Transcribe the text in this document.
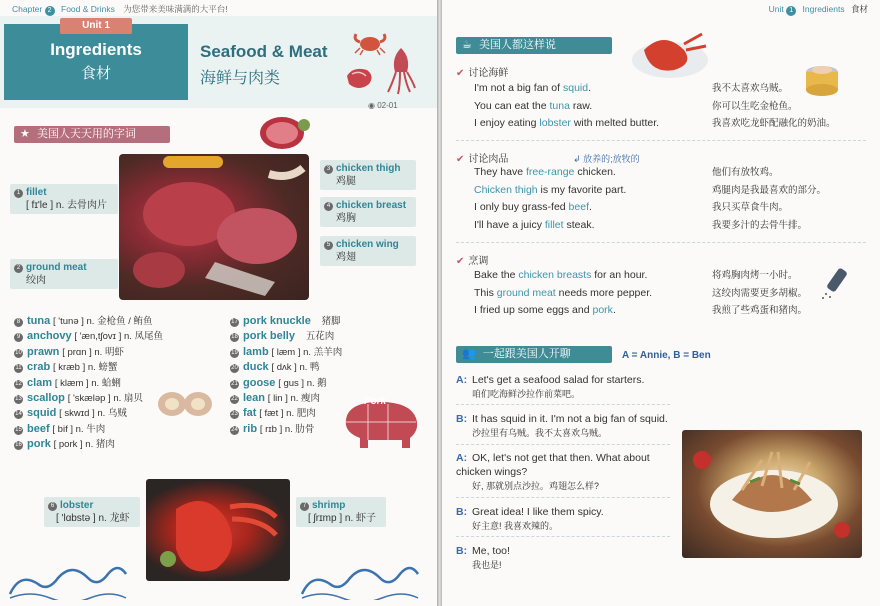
Chapter 2 Food & Drinks 为您带来美味满满的大平台!
Unit 1
Ingredients
食材
Seafood & Meat
海鲜与肉类
◉ 02-01
★ 美国人天天用的字词
1 fillet
[ fɪ'le ] n. 去骨肉片
2 ground meat
绞肉
3 chicken thigh
鸡腿
4 chicken breast
鸡胸
5 chicken wing
鸡翅
8 tuna [ 'tunə ] n. 金枪鱼 / 鲔鱼
9 anchovy [ 'æn,tʃovɪ ] n. 凤尾鱼
10 prawn [ prɑn ] n. 明虾
11 crab [ kræb ] n. 螃蟹
12 clam [ klæm ] n. 蛤蜊
13 scallop [ 'skæləp ] n. 扇贝
14 squid [ skwɪd ] n. 乌贼
15 beef [ bif ] n. 牛肉
16 pork [ pork ] n. 猪肉
17 pork knuckle 猪脚
18 pork belly 五花肉
19 lamb [ læm ] n. 羔羊肉
20 duck [ dʌk ] n. 鸭
21 goose [ gus ] n. 鹅
22 lean [ lin ] n. 瘦肉
23 fat [ fæt ] n. 肥肉
24 rib [ rɪb ] n. 肋骨
Pork
6 lobster
[ 'lɑbstə ] n. 龙虾
7 shrimp
[ ʃrɪmp ] n. 虾子
Unit 1 Ingredients 食材
☕ 美国人都这样说
✔ 讨论海鲜
I'm not a big fan of squid.
You can eat the tuna raw.
I enjoy eating lobster with melted butter.
我不太喜欢乌贼。
你可以生吃金枪鱼。
我喜欢吃龙虾配融化的奶油。
✔ 讨论肉品	↲ 放养的;放牧的
They have free-range chicken.
Chicken thigh is my favorite part.
I only buy grass-fed beef.
I'll have a juicy fillet steak.
他们有放牧鸡。
鸡腿肉是我最喜欢的部分。
我只买草食牛肉。
我要多汁的去骨牛排。
✔ 烹调
Bake the chicken breasts for an hour.
This ground meat needs more pepper.
I fried up some eggs and pork.
将鸡胸肉烤一小时。
这绞肉需要更多胡椒。
我煎了些鸡蛋和猪肉。
👥 一起跟美国人开聊	A = Annie, B = Ben
A: Let's get a seafood salad for starters.
咱们吃海鲜沙拉作前菜吧。
B: It has squid in it. I'm not a big fan of squid.
沙拉里有乌贼。我不太喜欢乌贼。
A: OK, let's not get that then. What about chicken wings?
好, 那就别点沙拉。鸡翅怎么样?
B: Great idea! I like them spicy.
好主意! 我喜欢辣的。
B: Me, too!
我也是!
